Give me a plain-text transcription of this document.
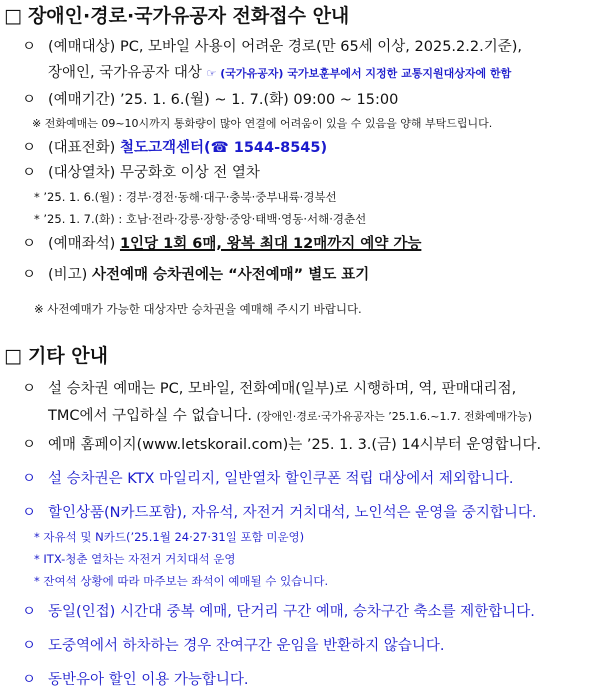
□ 장애인·경로·국가유공자 전화접수 안내
ㅇ (예매대상) PC, 모바일 사용이 어려운 경로(만 65세 이상, 2025.2.2.기준),
장애인, 국가유공자 대상 ☞ (국가유공자) 국가보훈부에서 지정한 교통지원대상자에 한함
ㅇ (예매기간) ’25. 1. 6.(월) ~ 1. 7.(화) 09:00 ~ 15:00
※ 전화예매는 09~10시까지 통화량이 많아 연결에 어려움이 있을 수 있음을 양해 부탁드립니다.
ㅇ (대표전화) 철도고객센터(☎ 1544-8545)
ㅇ (대상열차) 무궁화호 이상 전 열차
* ’25. 1. 6.(월) : 경부·경전·동해·대구·충북·중부내륙·경북선
* ’25. 1. 7.(화) : 호남·전라·강릉·장항·중앙·태백·영동·서해·경춘선
ㅇ (예매좌석) 1인당 1회 6매, 왕복 최대 12매까지 예약 가능
ㅇ (비고) 사전예매 승차권에는 “사전예매” 별도 표기
※ 사전예매가 가능한 대상자만 승차권을 예매해 주시기 바랍니다.
□ 기타 안내
ㅇ 설 승차권 예매는 PC, 모바일, 전화예매(일부)로 시행하며, 역, 판매대리점,
TMC에서 구입하실 수 없습니다. (장애인·경로·국가유공자는 ’25.1.6.~1.7. 전화예매가능)
ㅇ 예매 홈페이지(www.letskorail.com)는 ’25. 1. 3.(금) 14시부터 운영합니다.
ㅇ 설 승차권은 KTX 마일리지, 일반열차 할인쿠폰 적립 대상에서 제외합니다.
ㅇ 할인상품(N카드포함), 자유석, 자전거 거치대석, 노인석은 운영을 중지합니다.
* 자유석 및 N카드(’25.1월 24·27·31일 포함 미운영)
* ITX-청춘 열차는 자전거 거치대석 운영
* 잔여석 상황에 따라 마주보는 좌석이 예매될 수 있습니다.
ㅇ 동일(인접) 시간대 중복 예매, 단거리 구간 예매, 승차구간 축소를 제한합니다.
ㅇ 도중역에서 하차하는 경우 잔여구간 운임을 반환하지 않습니다.
ㅇ 동반유아 할인 이용 가능합니다.
